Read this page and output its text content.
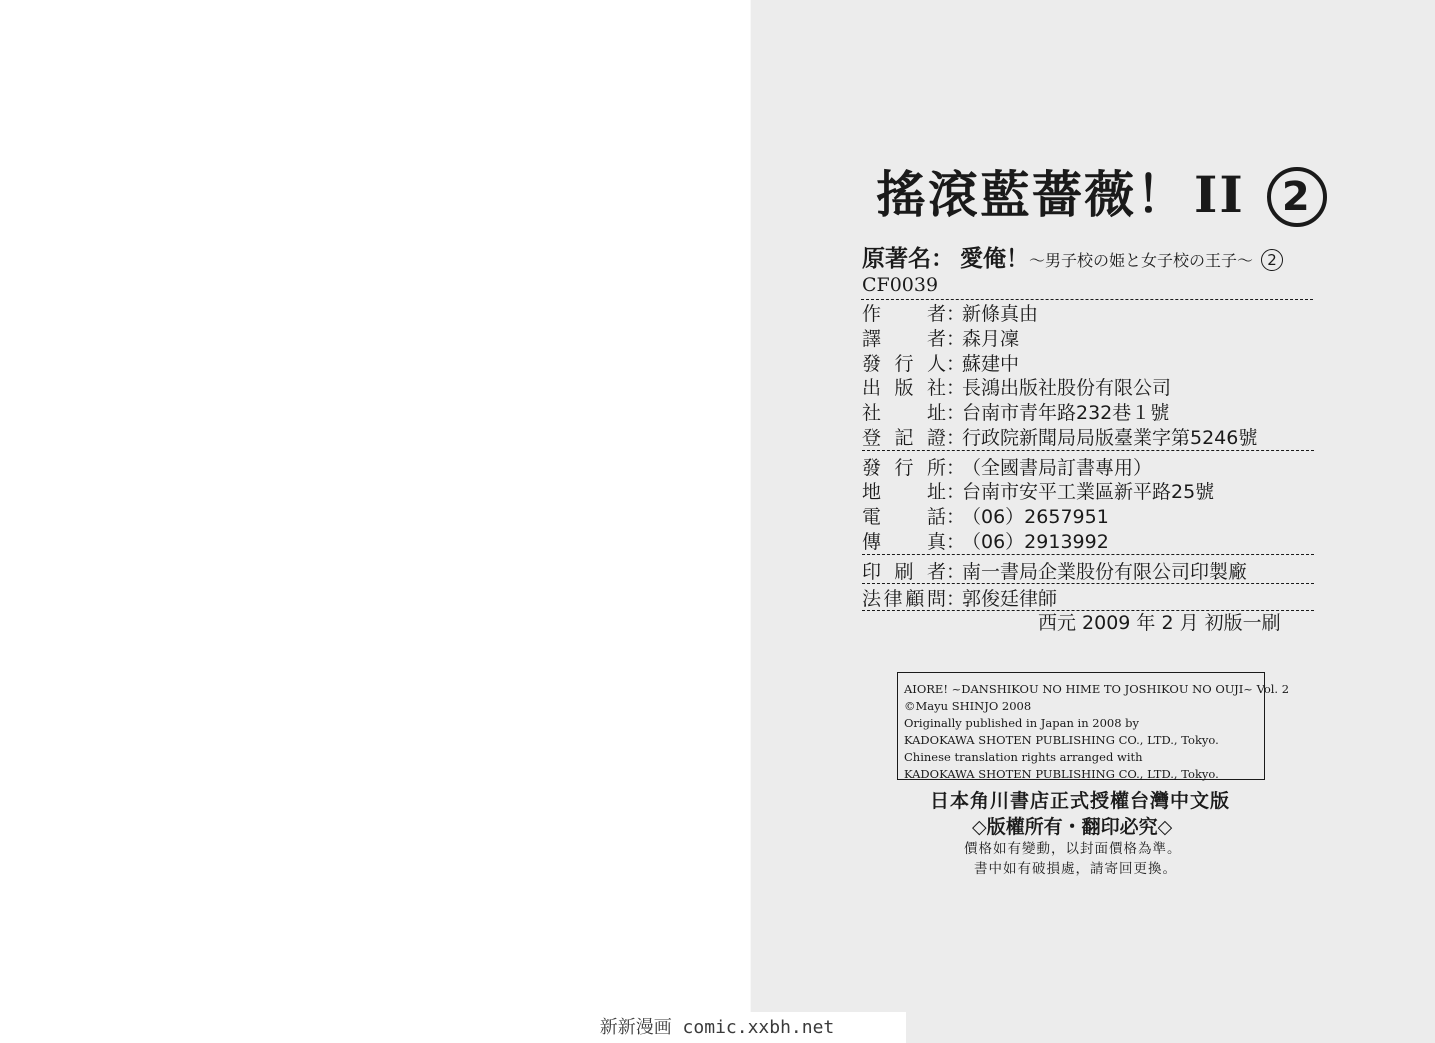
搖滾藍薔薇！ II 2
原著名： 愛俺！～男子校の姫と女子校の王子～ 2
CF0039
作 者 ：
新條真由
譯 者 ：
森月凜
發 行 人 ：
蘇建中
出 版 社 ：
長鴻出版社股份有限公司
社 址 ：
台南市青年路232巷１號
登 記 證 ：
行政院新聞局局版臺業字第5246號
發 行 所 ：
（全國書局訂書專用）
地 址 ：
台南市安平工業區新平路25號
電 話 ：
（06）2657951
傳 真 ：
（06）2913992
印 刷 者 ：
南一書局企業股份有限公司印製廠
法 律 顧 問 ：
郭俊廷律師
西元 2009 年 2 月 初版一刷
AIORE! ~DANSHIKOU NO HIME TO JOSHIKOU NO OUJI~ Vol. 2
©Mayu SHINJO 2008
Originally published in Japan in 2008 by
KADOKAWA SHOTEN PUBLISHING CO., LTD., Tokyo.
Chinese translation rights arranged with
KADOKAWA SHOTEN PUBLISHING CO., LTD., Tokyo.
日本角川書店正式授權台灣中文版
◇版權所有・翻印必究◇
價格如有變動，以封面價格為準。
書中如有破損處，請寄回更換。
新新漫画 comic.xxbh.net
